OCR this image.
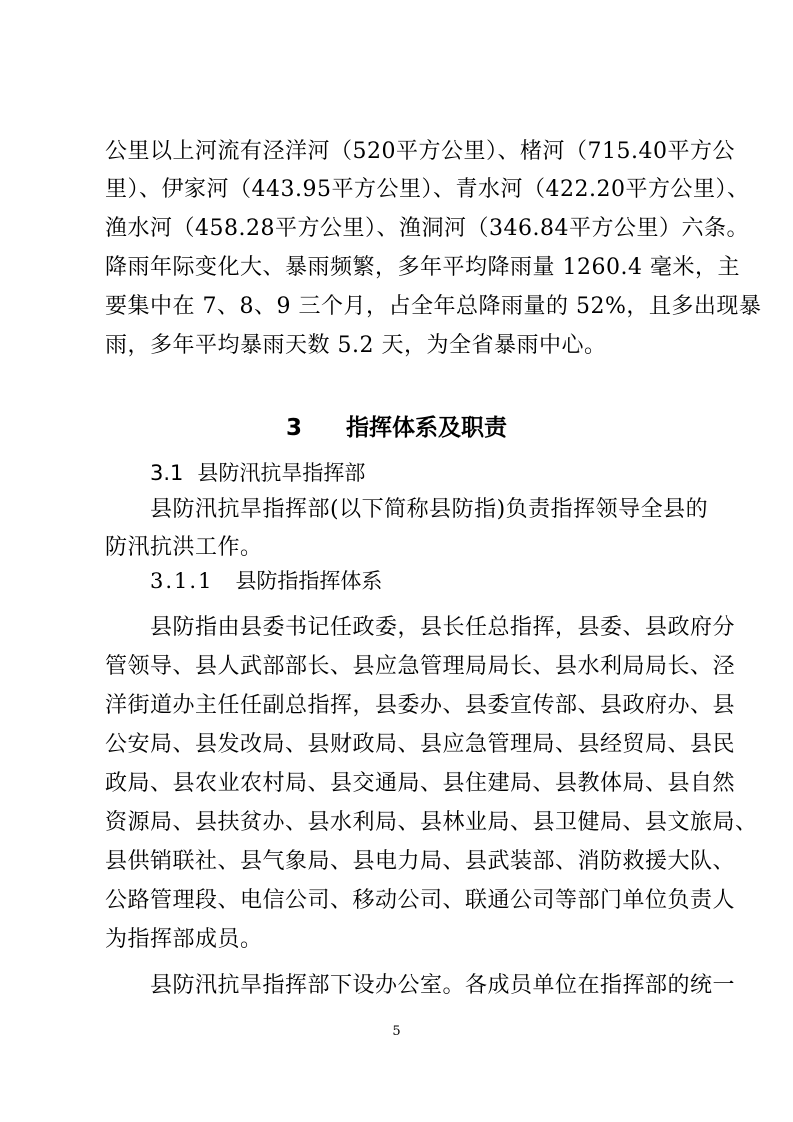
公里以上河流有泾洋河（520平方公里）、楮河（715.40平方公
里）、伊家河（443.95平方公里）、青水河（422.20平方公里）、
渔水河（458.28平方公里）、渔洞河（346.84平方公里）六条。
降雨年际变化大、暴雨频繁，多年平均降雨量 1260.4 毫米，主
要集中在 7、8、9 三个月，占全年总降雨量的 52%，且多出现暴
雨，多年平均暴雨天数 5.2 天，为全省暴雨中心。
3 指挥体系及职责
3.1 县防汛抗旱指挥部
县防汛抗旱指挥部(以下简称县防指)负责指挥领导全县的
防汛抗洪工作。
3.1.1 县防指指挥体系
县防指由县委书记任政委，县长任总指挥，县委、县政府分
管领导、县人武部部长、县应急管理局局长、县水利局局长、泾
洋街道办主任任副总指挥，县委办、县委宣传部、县政府办、县
公安局、县发改局、县财政局、县应急管理局、县经贸局、县民
政局、县农业农村局、县交通局、县住建局、县教体局、县自然
资源局、县扶贫办、县水利局、县林业局、县卫健局、县文旅局、
县供销联社、县气象局、县电力局、县武装部、消防救援大队、
公路管理段、电信公司、移动公司、联通公司等部门单位负责人
为指挥部成员。
县防汛抗旱指挥部下设办公室。各成员单位在指挥部的统一
5
